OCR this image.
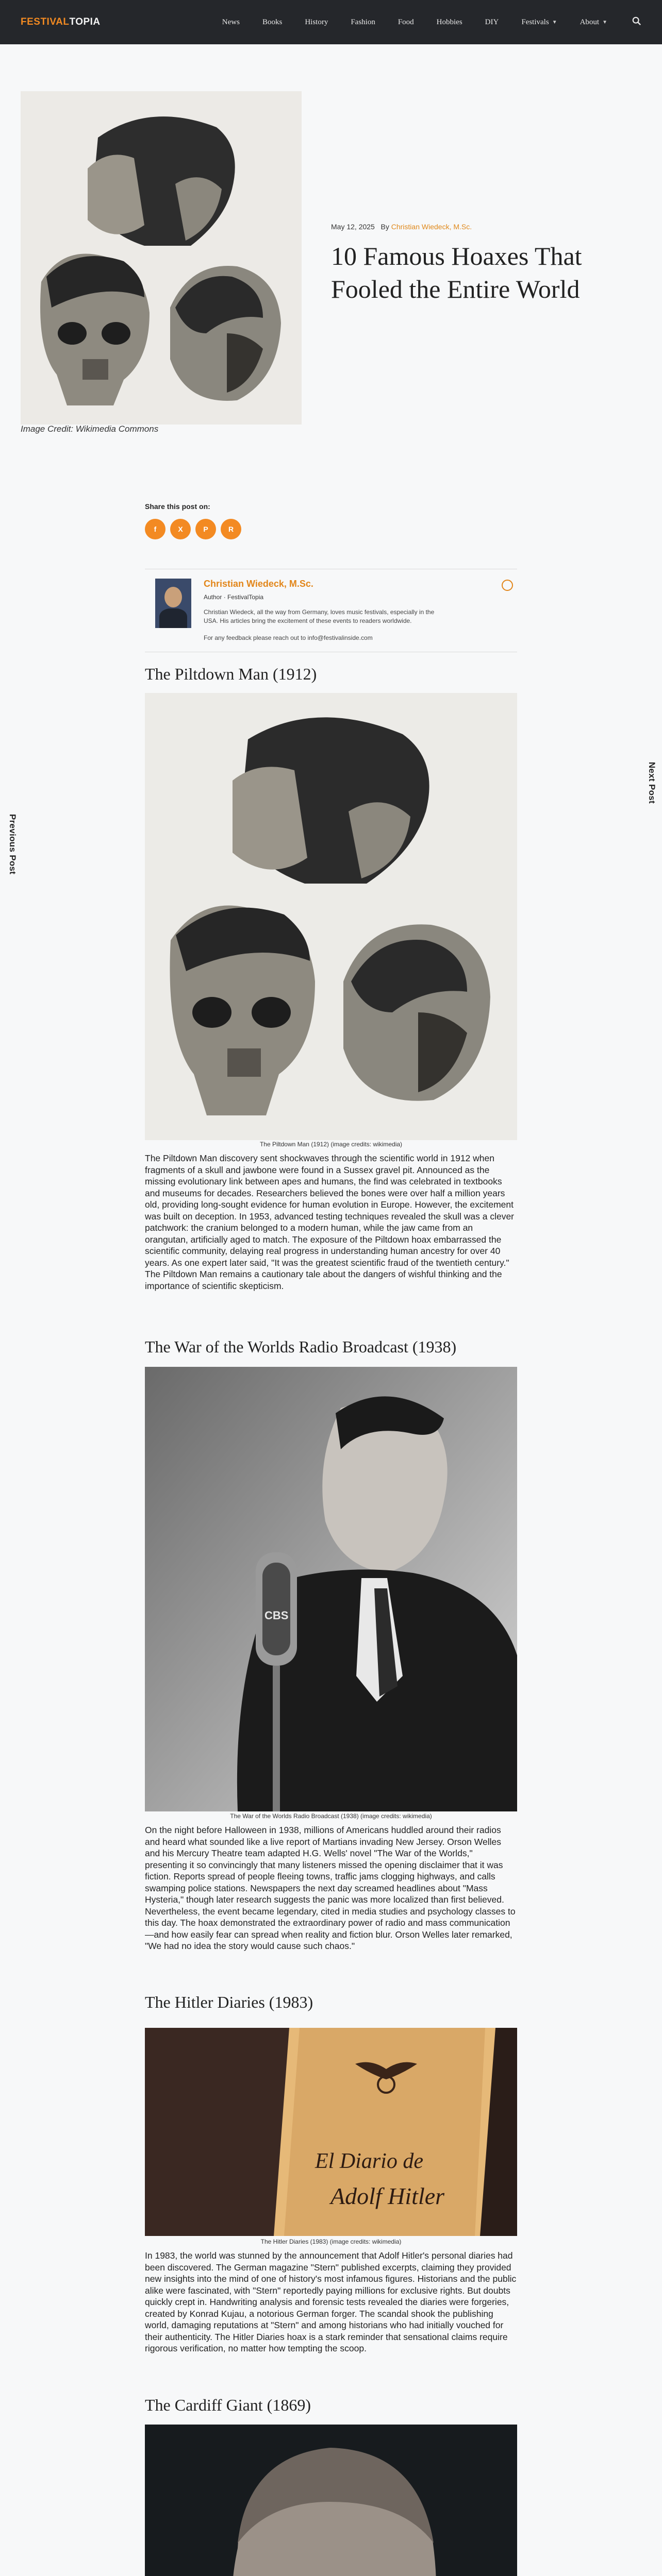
FESTIVALTOPIA	News	Books	History	Fashion	Food	Hobbies	DIY	Festivals ▼	About ▼
Previous Post
Next Post
Image Credit: Wikimedia Commons
May 12, 2025 By Christian Wiedeck, M.Sc.
10 Famous Hoaxes That Fooled the Entire World
Share this post on:
f	X	P	R
Christian Wiedeck, M.Sc.
Author · FestivalTopia
Christian Wiedeck, all the way from Germany, loves music festivals, especially in the USA. His articles bring the excitement of these events to readers worldwide.
For any feedback please reach out to info@festivalinside.com
The Piltdown Man (1912)
The Piltdown Man (1912) (image credits: wikimedia)

The Piltdown Man discovery sent shockwaves through the scientific world in 1912 when fragments of a skull and jawbone were found in a Sussex gravel pit. Announced as the missing evolutionary link between apes and humans, the find was celebrated in textbooks and museums for decades. Researchers believed the bones were over half a million years old, providing long-sought evidence for human evolution in Europe. However, the excitement was built on deception. In 1953, advanced testing techniques revealed the skull was a clever patchwork: the cranium belonged to a modern human, while the jaw came from an orangutan, artificially aged to match. The exposure of the Piltdown hoax embarrassed the scientific community, delaying real progress in understanding human ancestry for over 40 years. As one expert later said, "It was the greatest scientific fraud of the twentieth century." The Piltdown Man remains a cautionary tale about the dangers of wishful thinking and the importance of scientific skepticism.

The War of the Worlds Radio Broadcast (1938)
CBS
The War of the Worlds Radio Broadcast (1938) (image credits: wikimedia)

On the night before Halloween in 1938, millions of Americans huddled around their radios and heard what sounded like a live report of Martians invading New Jersey. Orson Welles and his Mercury Theatre team adapted H.G. Wells' novel "The War of the Worlds," presenting it so convincingly that many listeners missed the opening disclaimer that it was fiction. Reports spread of people fleeing towns, traffic jams clogging highways, and calls swamping police stations. Newspapers the next day screamed headlines about "Mass Hysteria," though later research suggests the panic was more localized than first believed. Nevertheless, the event became legendary, cited in media studies and psychology classes to this day. The hoax demonstrated the extraordinary power of radio and mass communication—and how easily fear can spread when reality and fiction blur. Orson Welles later remarked, "We had no idea the story would cause such chaos."

The Hitler Diaries (1983)
El Diario de
Adolf Hitler
The Hitler Diaries (1983) (image credits: wikimedia)

In 1983, the world was stunned by the announcement that Adolf Hitler's personal diaries had been discovered. The German magazine "Stern" published excerpts, claiming they provided new insights into the mind of one of history's most infamous figures. Historians and the public alike were fascinated, with "Stern" reportedly paying millions for exclusive rights. But doubts quickly crept in. Handwriting analysis and forensic tests revealed the diaries were forgeries, created by Konrad Kujau, a notorious German forger. The scandal shook the publishing world, damaging reputations at "Stern" and among historians who had initially vouched for their authenticity. The Hitler Diaries hoax is a stark reminder that sensational claims require rigorous verification, no matter how tempting the scoop.

The Cardiff Giant (1869)
